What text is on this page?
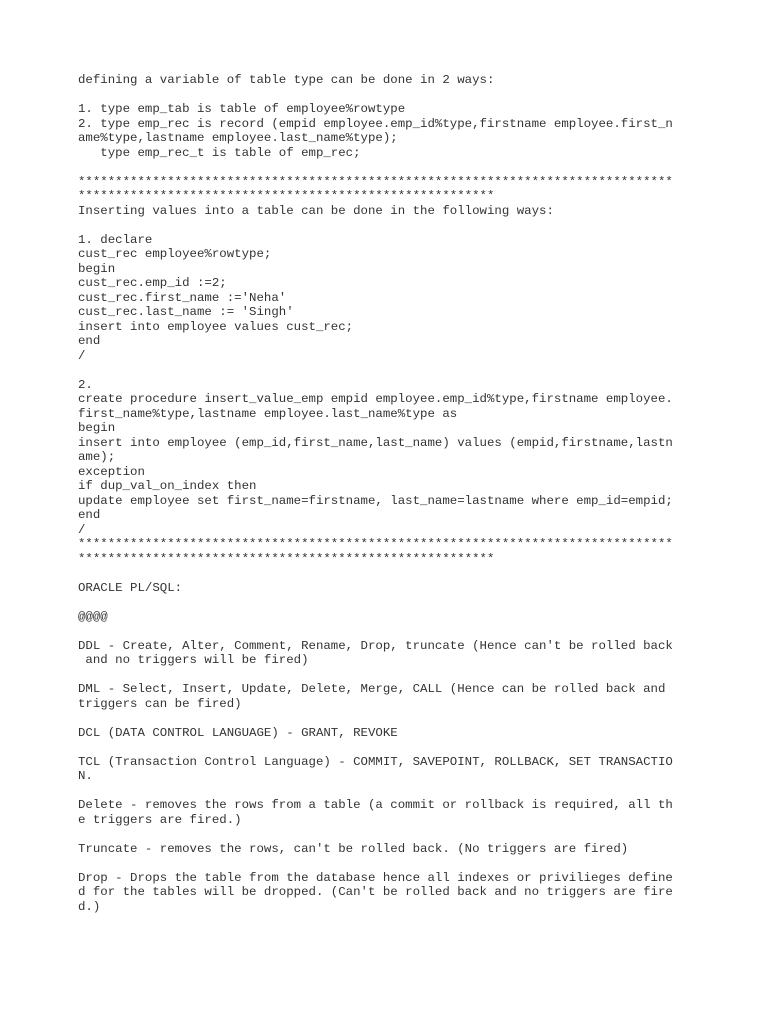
defining a variable of table type can be done in 2 ways:
1. type emp_tab is table of employee%rowtype
2. type emp_rec is record (empid employee.emp_id%type,firstname employee.first_n
ame%type,lastname employee.last_name%type);
type emp_rec_t is table of emp_rec;
********************************************************************************
********************************************************
Inserting values into a table can be done in the following ways:
1. declare
cust_rec employee%rowtype;
begin
cust_rec.emp_id :=2;
cust_rec.first_name :='Neha'
cust_rec.last_name := 'Singh'
insert into employee values cust_rec;
end
/
2.
create procedure insert_value_emp empid employee.emp_id%type,firstname employee.
first_name%type,lastname employee.last_name%type as
begin
insert into employee (emp_id,first_name,last_name) values (empid,firstname,lastn
ame);
exception
if dup_val_on_index then
update employee set first_name=firstname, last_name=lastname where emp_id=empid;
end
/
********************************************************************************
********************************************************
ORACLE PL/SQL:
@@@@
DDL - Create, Alter, Comment, Rename, Drop, truncate (Hence can't be rolled back
and no triggers will be fired)
DML - Select, Insert, Update, Delete, Merge, CALL (Hence can be rolled back and
triggers can be fired)
DCL (DATA CONTROL LANGUAGE) - GRANT, REVOKE
TCL (Transaction Control Language) - COMMIT, SAVEPOINT, ROLLBACK, SET TRANSACTIO
N.
Delete - removes the rows from a table (a commit or rollback is required, all th
e triggers are fired.)
Truncate - removes the rows, can't be rolled back. (No triggers are fired)
Drop - Drops the table from the database hence all indexes or privilieges define
d for the tables will be dropped. (Can't be rolled back and no triggers are fire
d.)
